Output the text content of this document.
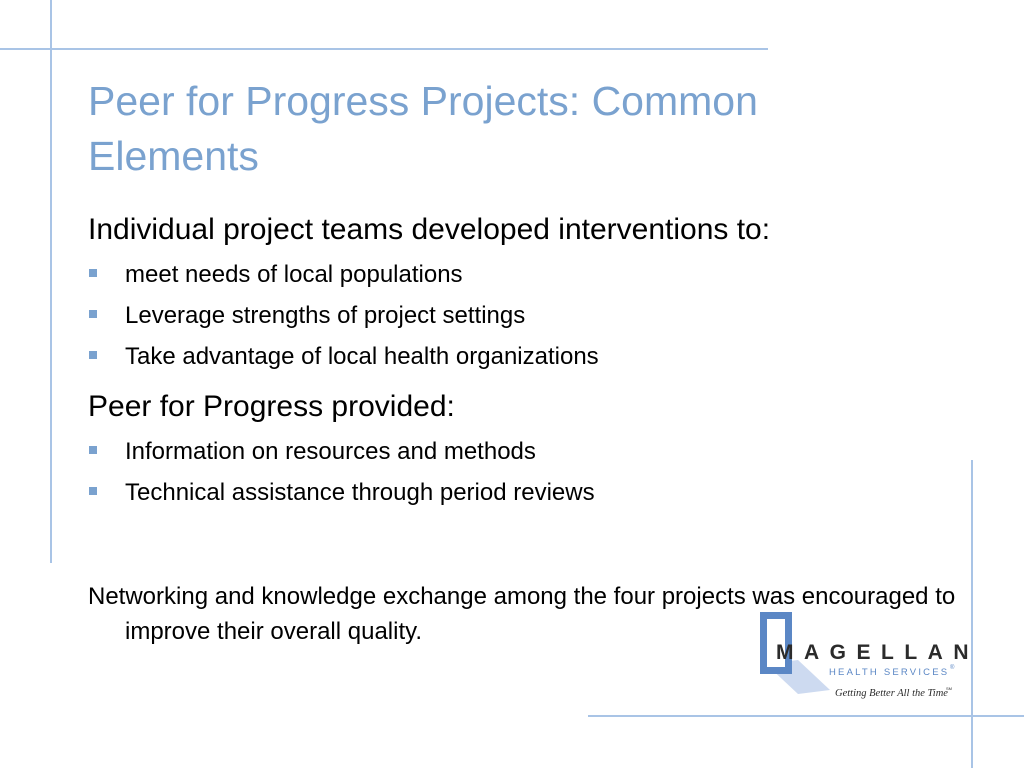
Peer for Progress Projects: Common Elements

Individual project teams developed interventions to:

meet needs of local populations
Leverage strengths of project settings
Take advantage of local health organizations

Peer for Progress provided:

Information on resources and methods
Technical assistance through period reviews

Networking and knowledge exchange among the four projects was encouraged to improve their overall quality.

MAGELLAN
HEALTH SERVICES ®
Getting Better All the Time
SM
